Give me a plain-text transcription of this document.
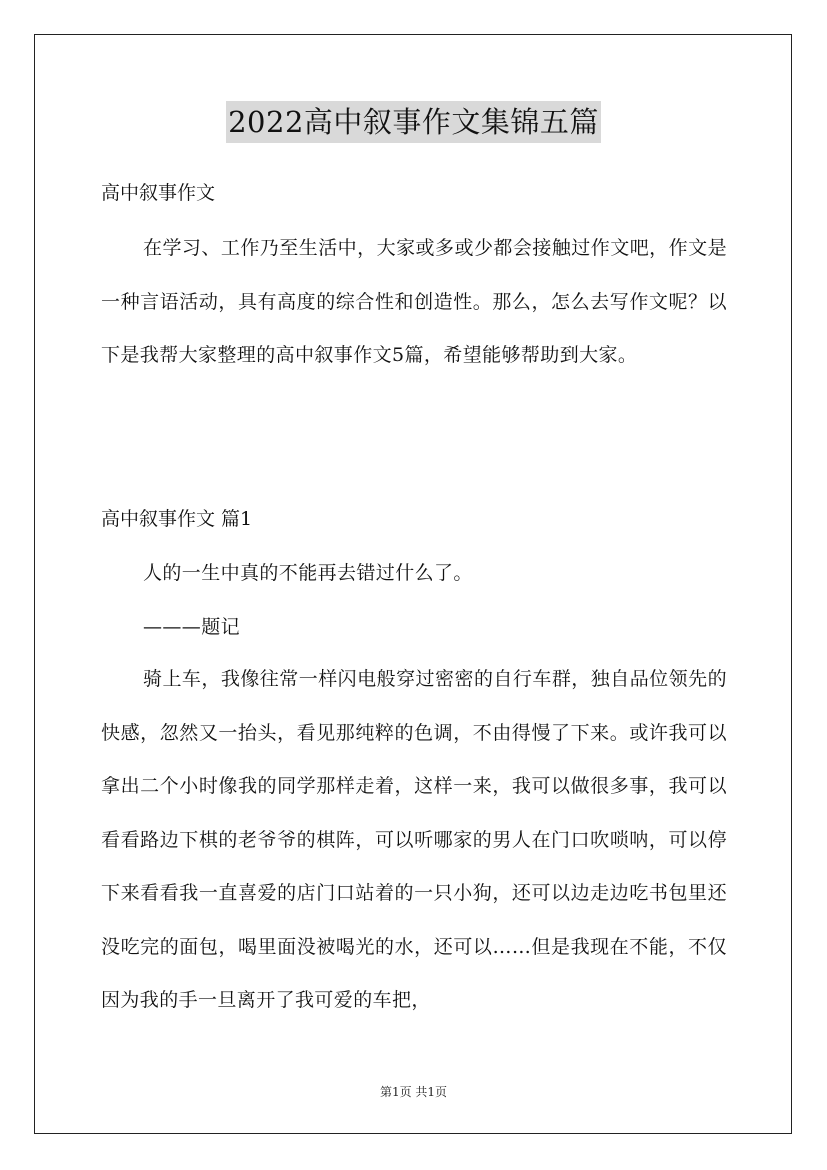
2022高中叙事作文集锦五篇

高中叙事作文

在学习、工作乃至生活中，大家或多或少都会接触过作文吧，作文是一种言语活动，具有高度的综合性和创造性。那么，怎么去写作文呢？以下是我帮大家整理的高中叙事作文5篇，希望能够帮助到大家。

高中叙事作文 篇1

人的一生中真的不能再去错过什么了。

———题记

骑上车，我像往常一样闪电般穿过密密的自行车群，独自品位领先的快感，忽然又一抬头，看见那纯粹的色调，不由得慢了下来。或许我可以拿出二个小时像我的同学那样走着，这样一来，我可以做很多事，我可以看看路边下棋的老爷爷的棋阵，可以听哪家的男人在门口吹唢呐，可以停下来看看我一直喜爱的店门口站着的一只小狗，还可以边走边吃书包里还没吃完的面包，喝里面没被喝光的水，还可以……但是我现在不能，不仅因为我的手一旦离开了我可爱的车把，

第1页 共1页
